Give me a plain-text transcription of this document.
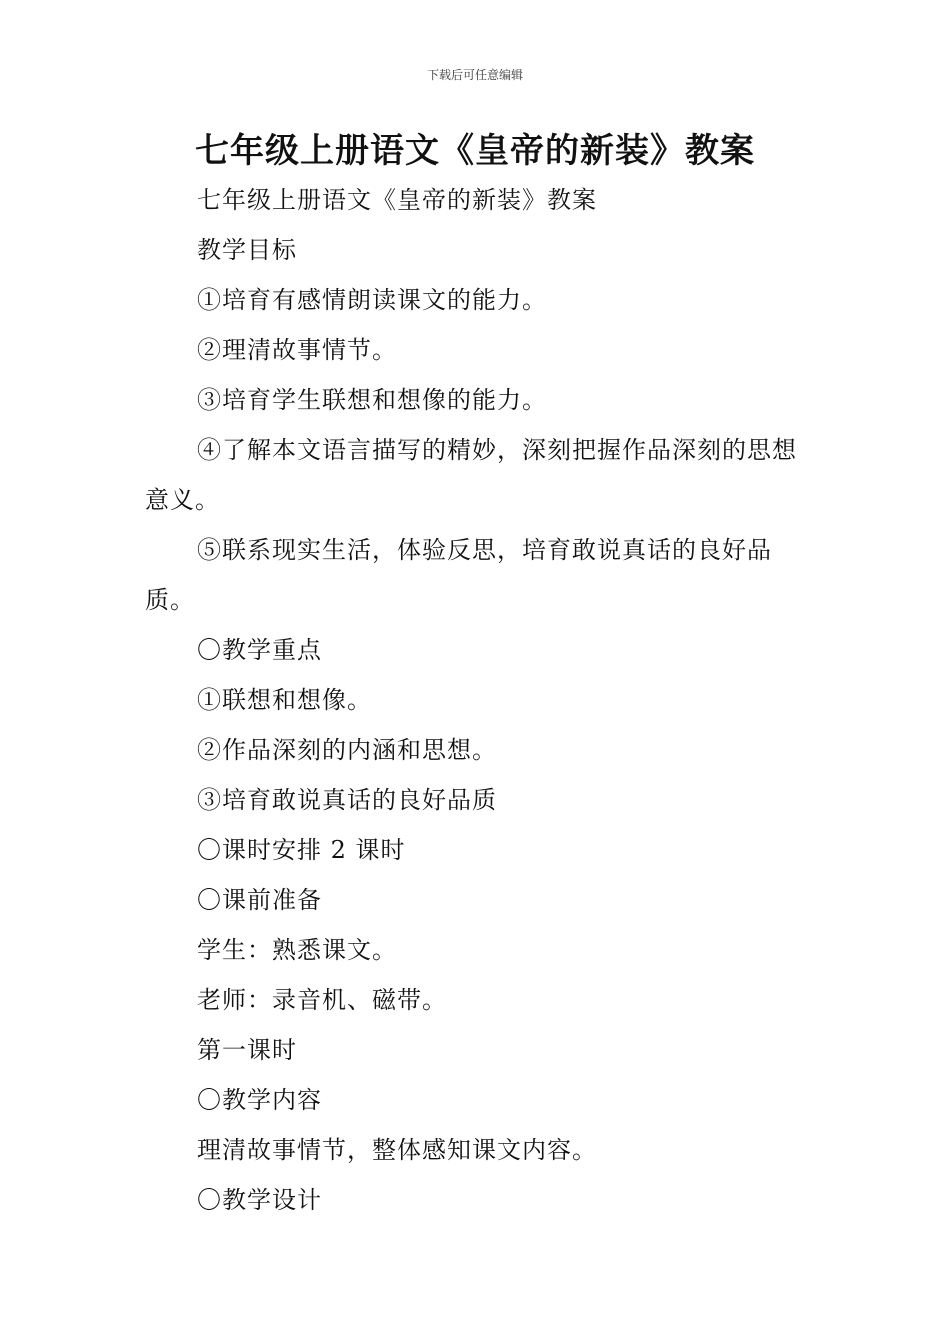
下载后可任意编辑
七年级上册语文《皇帝的新装》教案

七年级上册语文《皇帝的新装》教案

教学目标

①培育有感情朗读课文的能力。

②理清故事情节。

③培育学生联想和想像的能力。

④了解本文语言描写的精妙，深刻把握作品深刻的思想意义。

⑤联系现实生活，体验反思，培育敢说真话的良好品质。

〇教学重点

①联想和想像。

②作品深刻的内涵和思想。

③培育敢说真话的良好品质

〇课时安排 2 课时

〇课前准备

学生：熟悉课文。

老师：录音机、磁带。

第一课时

〇教学内容

理清故事情节，整体感知课文内容。

〇教学设计
